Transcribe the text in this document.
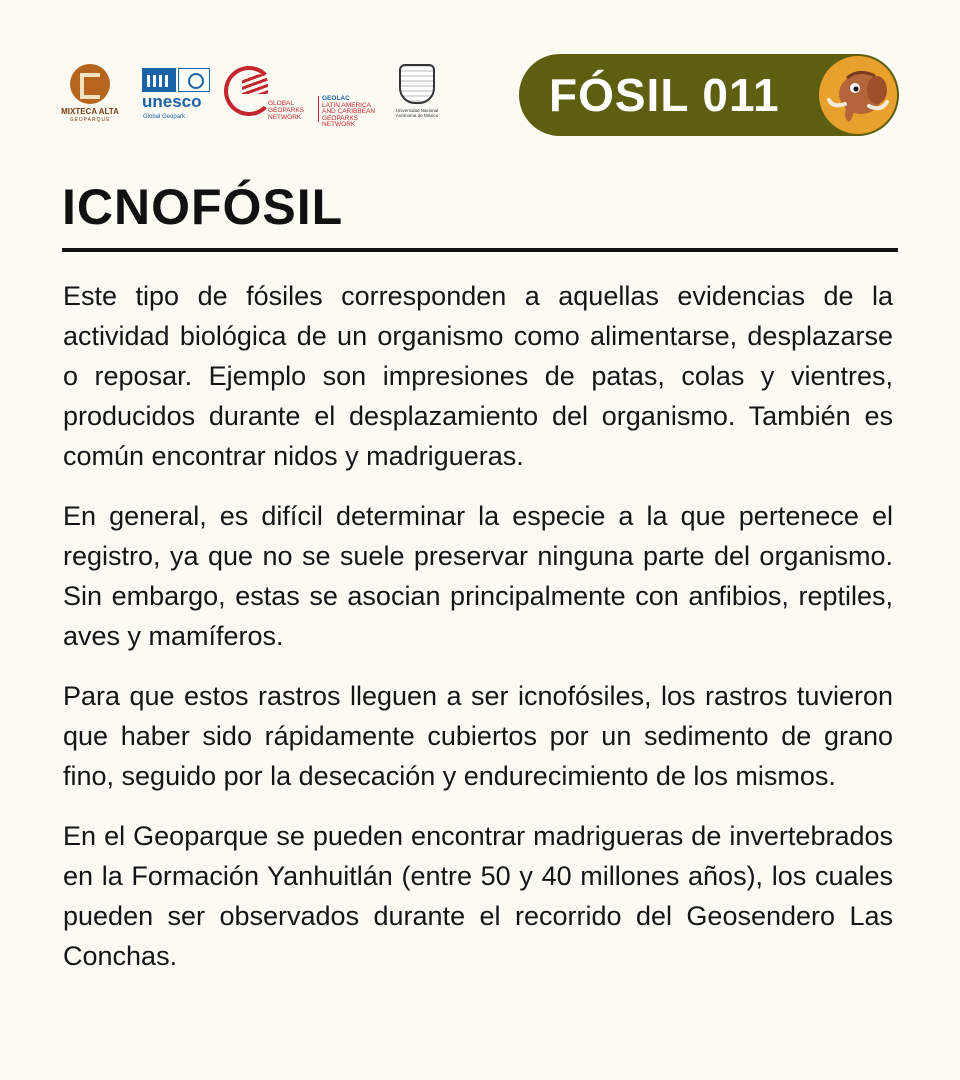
MIXTECA ALTA
GEOPARQUE
unesco
Global Geopark
GLOBAL GEOPARKS NETWORK
GEOLAC
LATIN AMERICA AND CARIBBEAN GEOPARKS NETWORK
Universidad Nacional Autónoma de México FÓSIL 011
ICNOFÓSIL

Este tipo de fósiles corresponden a aquellas evidencias de la actividad biológica de un organismo como alimentarse, desplazarse o reposar. Ejemplo son impresiones de patas, colas y vientres, producidos durante el desplazamiento del organismo. También es común encontrar nidos y madrigueras.

En general, es difícil determinar la especie a la que pertenece el registro, ya que no se suele preservar ninguna parte del organismo. Sin embargo, estas se asocian principalmente con anfibios, reptiles, aves y mamíferos.

Para que estos rastros lleguen a ser icnofósiles, los rastros tuvieron que haber sido rápidamente cubiertos por un sedimento de grano fino, seguido por la desecación y endurecimiento de los mismos.

En el Geoparque se pueden encontrar madrigueras de invertebrados en la Formación Yanhuitlán (entre 50 y 40 millones años), los cuales pueden ser observados durante el recorrido del Geosendero Las Conchas.
